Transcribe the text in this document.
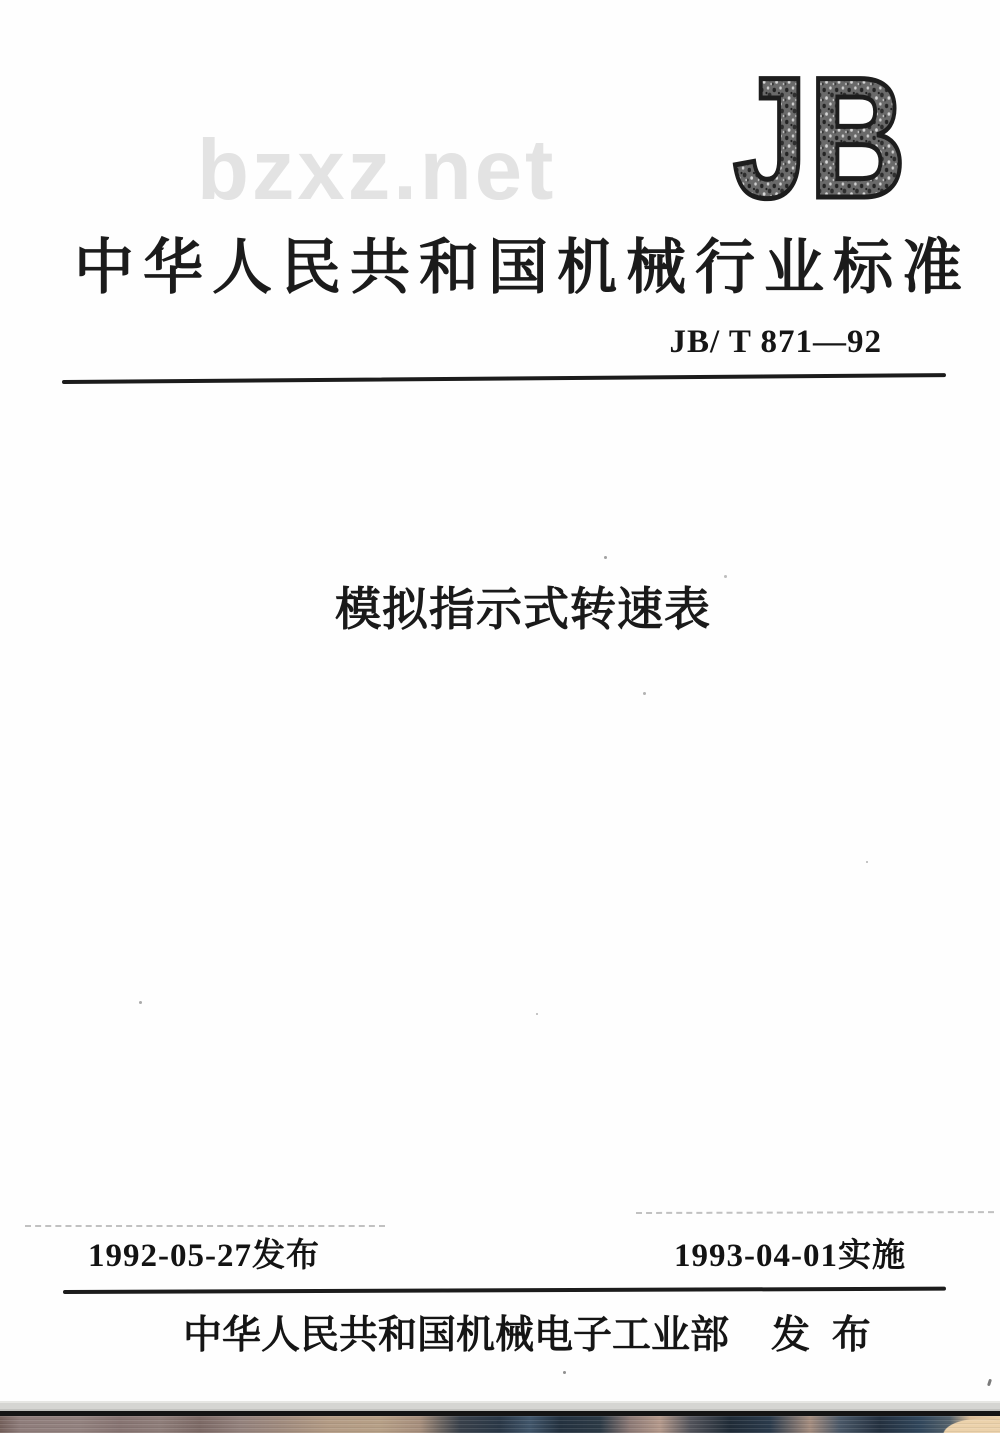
bzxz.net JB
中华人民共和国机械行业标准
JB/ T 871—92
模拟指示式转速表
1992-05-27发布	1993-04-01实施
中华人民共和国机械电子工业部 发 布
